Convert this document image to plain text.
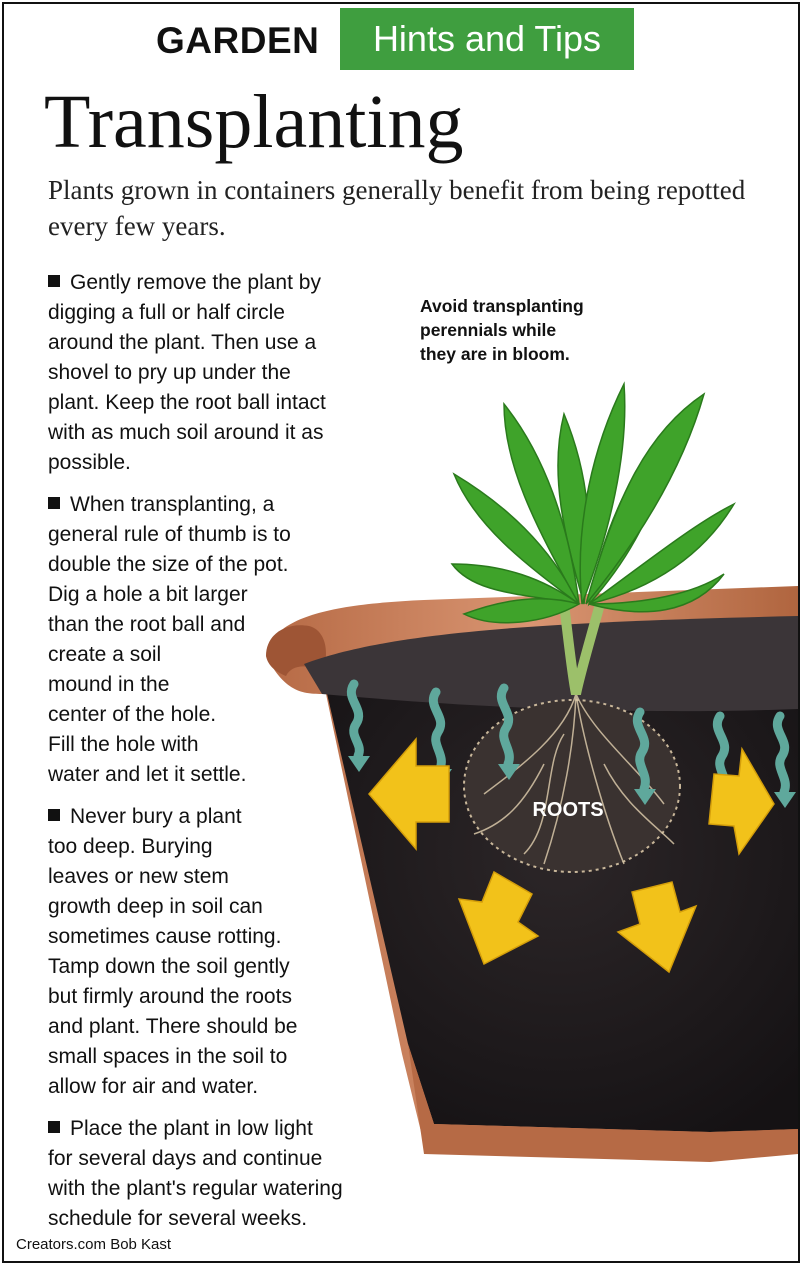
GARDEN	Hints and Tips
Transplanting
Plants grown in containers generally benefit from being repotted every few years.
ROOTS
Gently remove the plant by
digging a full or half circle
around the plant. Then use a
shovel to pry up under the
plant. Keep the root ball intact
with as much soil around it as
possible.
When transplanting, a
general rule of thumb is to
double the size of the pot.
Dig a hole a bit larger
than the root ball and
create a soil
mound in the
center of the hole.
Fill the hole with
water and let it settle.
Never bury a plant
too deep. Burying
leaves or new stem
growth deep in soil can
sometimes cause rotting.
Tamp down the soil gently
but firmly around the roots
and plant. There should be
small spaces in the soil to
allow for air and water.
Place the plant in low light
for several days and continue
with the plant's regular watering
schedule for several weeks.
Avoid transplanting
perennials while
they are in bloom.
Creators.com Bob Kast
